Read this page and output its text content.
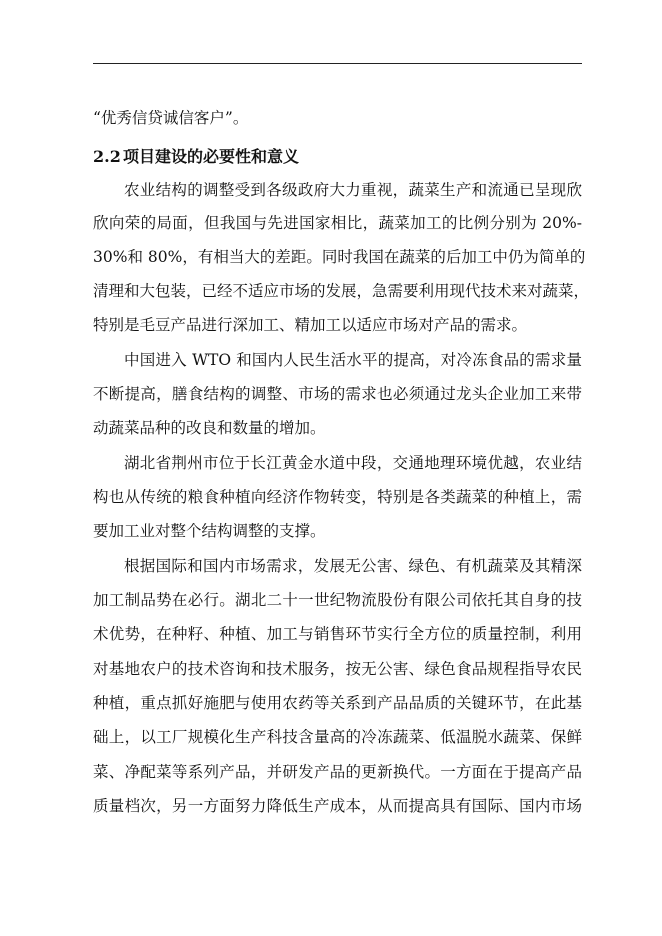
“优秀信贷诚信客户”。
2.2 项目建设的必要性和意义
农业结构的调整受到各级政府大力重视，蔬菜生产和流通已呈现欣
欣向荣的局面，但我国与先进国家相比，蔬菜加工的比例分别为 20%-
30%和 80%，有相当大的差距。同时我国在蔬菜的后加工中仍为简单的
清理和大包装，已经不适应市场的发展，急需要利用现代技术来对蔬菜，
特别是毛豆产品进行深加工、精加工以适应市场对产品的需求。
中国进入 WTO 和国内人民生活水平的提高，对冷冻食品的需求量
不断提高，膳食结构的调整、市场的需求也必须通过龙头企业加工来带
动蔬菜品种的改良和数量的增加。
湖北省荆州市位于长江黄金水道中段，交通地理环境优越，农业结
构也从传统的粮食种植向经济作物转变，特别是各类蔬菜的种植上，需
要加工业对整个结构调整的支撑。
根据国际和国内市场需求，发展无公害、绿色、有机蔬菜及其精深
加工制品势在必行。湖北二十一世纪物流股份有限公司依托其自身的技
术优势，在种籽、种植、加工与销售环节实行全方位的质量控制，利用
对基地农户的技术咨询和技术服务，按无公害、绿色食品规程指导农民
种植，重点抓好施肥与使用农药等关系到产品品质的关键环节，在此基
础上，以工厂规模化生产科技含量高的冷冻蔬菜、低温脱水蔬菜、保鲜
菜、净配菜等系列产品，并研发产品的更新换代。一方面在于提高产品
质量档次，另一方面努力降低生产成本，从而提高具有国际、国内市场
